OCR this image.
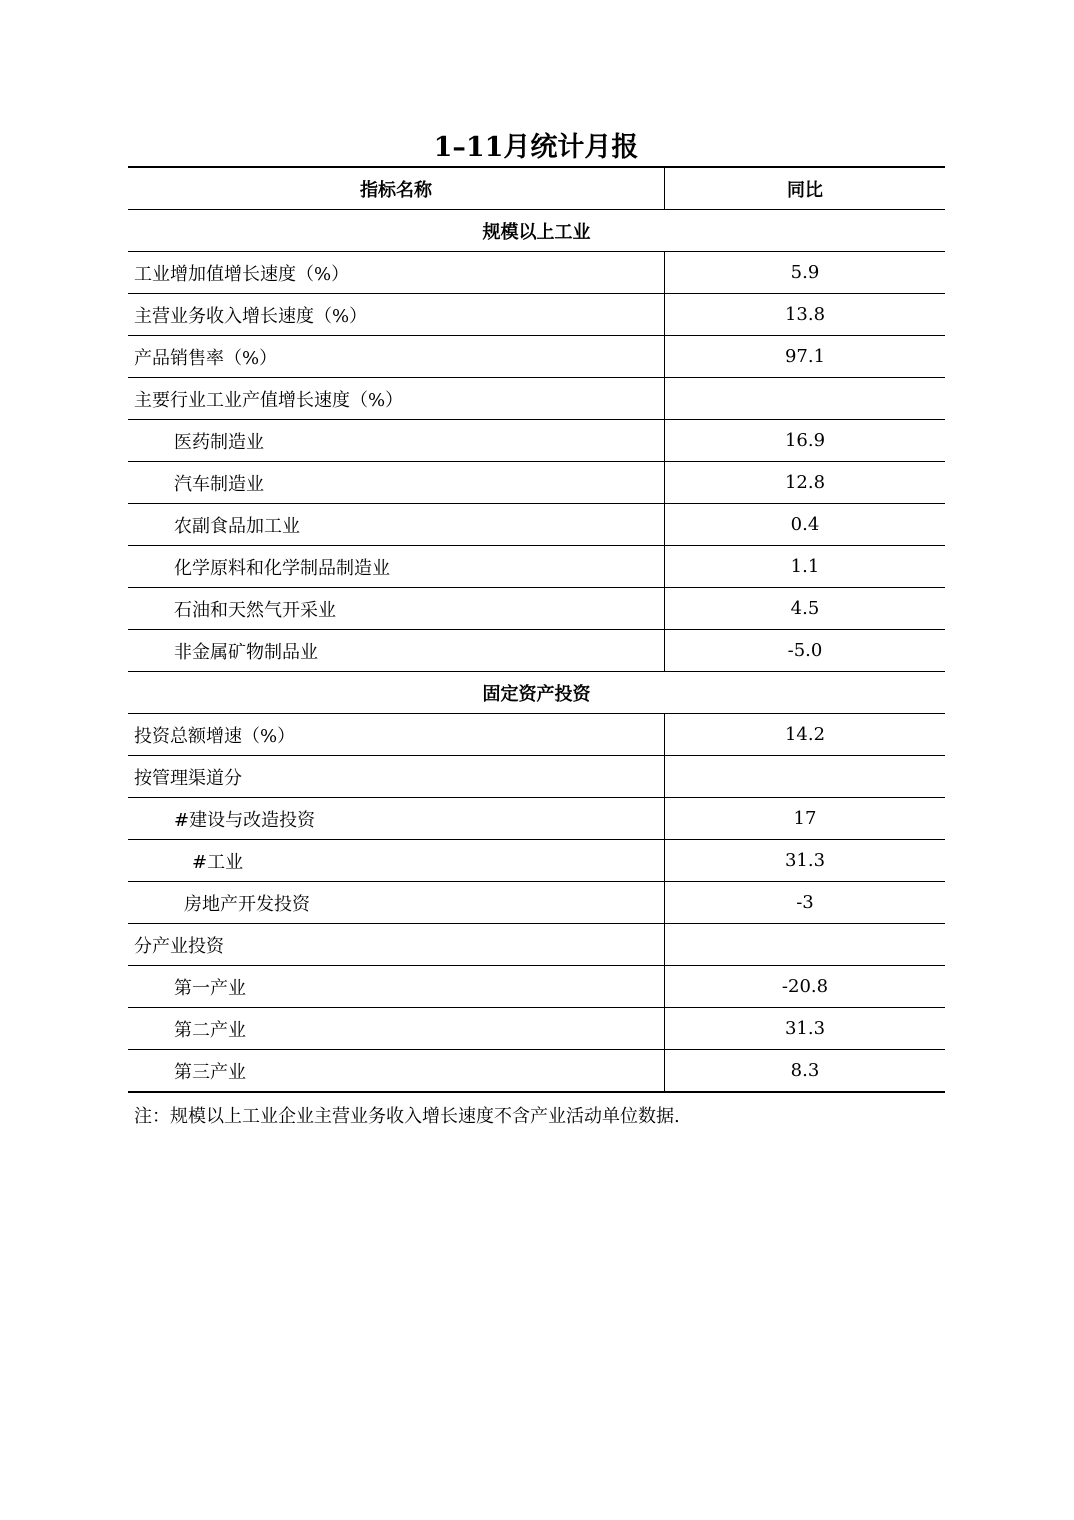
1–11月统计月报
指标名称	同比
规模以上工业	
工业增加值增长速度（%）	5.9
主营业务收入增长速度（%）	13.8
产品销售率（%）	97.1
主要行业工业产值增长速度（%）	
医药制造业	16.9
汽车制造业	12.8
农副食品加工业	0.4
化学原料和化学制品制造业	1.1
石油和天然气开采业	4.5
非金属矿物制品业	-5.0
固定资产投资	
投资总额增速（%）	14.2
按管理渠道分	
#建设与改造投资	17
#工业	31.3
房地产开发投资	-3
分产业投资	
第一产业	-20.8
第二产业	31.3
第三产业	8.3
注：规模以上工业企业主营业务收入增长速度不含产业活动单位数据.
